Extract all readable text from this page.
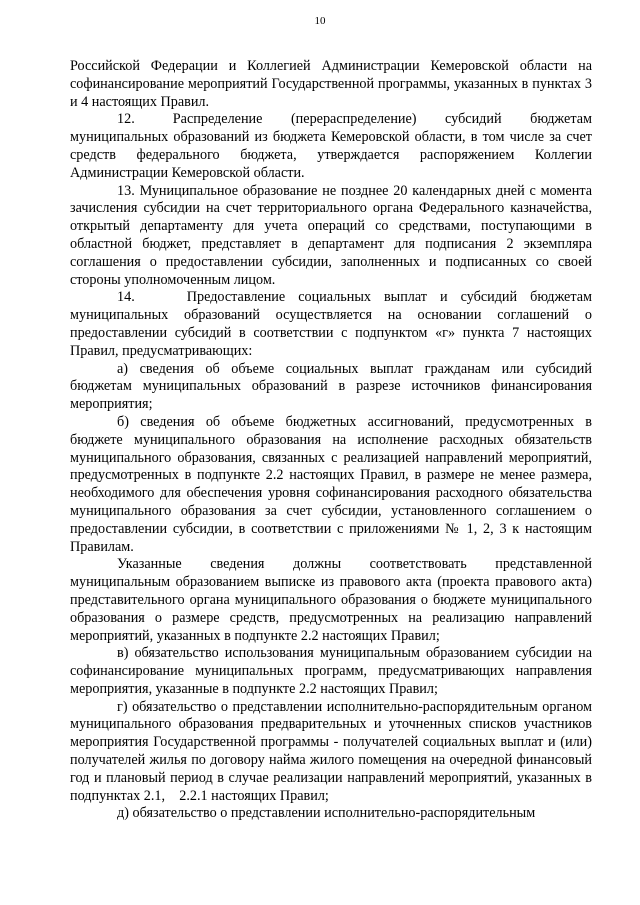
10

Российской Федерации и Коллегией Администрации Кемеровской области на софинансирование мероприятий Государственной программы, указанных в пунктах 3 и 4 настоящих Правил.

12.    Распределение   (перераспределение)   субсидий   бюджетам муниципальных образований из бюджета Кемеровской области, в том числе за счет средств федерального бюджета, утверждается распоряжением Коллегии Администрации Кемеровской области.

13. Муниципальное образование не позднее 20 календарных дней с момента зачисления субсидии на счет территориального органа Федерального казначейства, открытый департаменту для учета операций со средствами, поступающими в областной бюджет, представляет в департамент для подписания 2 экземпляра соглашения о предоставлении субсидии, заполненных и подписанных со своей стороны уполномоченным лицом.

14.    Предоставление социальных выплат и субсидий бюджетам муниципальных образований осуществляется на основании соглашений о предоставлении субсидий в соответствии с подпунктом «г» пункта 7 настоящих Правил, предусматривающих:

а) сведения об объеме социальных выплат гражданам или субсидий бюджетам муниципальных образований в разрезе источников финансирования мероприятия;

б) сведения об объеме бюджетных ассигнований, предусмотренных в бюджете муниципального образования на исполнение расходных обязательств муниципального образования, связанных с реализацией направлений мероприятий, предусмотренных в подпункте 2.2 настоящих Правил, в размере не менее размера, необходимого для обеспечения уровня софинансирования расходного обязательства муниципального образования за счет субсидии, установленного соглашением о предоставлении субсидии, в соответствии с приложениями № 1, 2, 3 к настоящим Правилам.

Указанные сведения должны соответствовать представленной муниципальным образованием выписке из правового акта (проекта правового акта) представительного органа муниципального образования о бюджете муниципального образования о размере средств, предусмотренных на реализацию направлений мероприятий, указанных в подпункте 2.2 настоящих Правил;

в) обязательство использования муниципальным образованием субсидии на софинансирование муниципальных программ, предусматривающих направления мероприятия, указанные в подпункте 2.2 настоящих Правил;

г) обязательство о представлении исполнительно-распорядительным органом муниципального образования предварительных и уточненных списков участников мероприятия Государственной программы - получателей социальных выплат и (или) получателей жилья по договору найма жилого помещения на очередной финансовый год и плановый период в случае реализации направлений мероприятий, указанных в подпунктах 2.1,    2.2.1 настоящих Правил;

д) обязательство о представлении исполнительно-распорядительным
